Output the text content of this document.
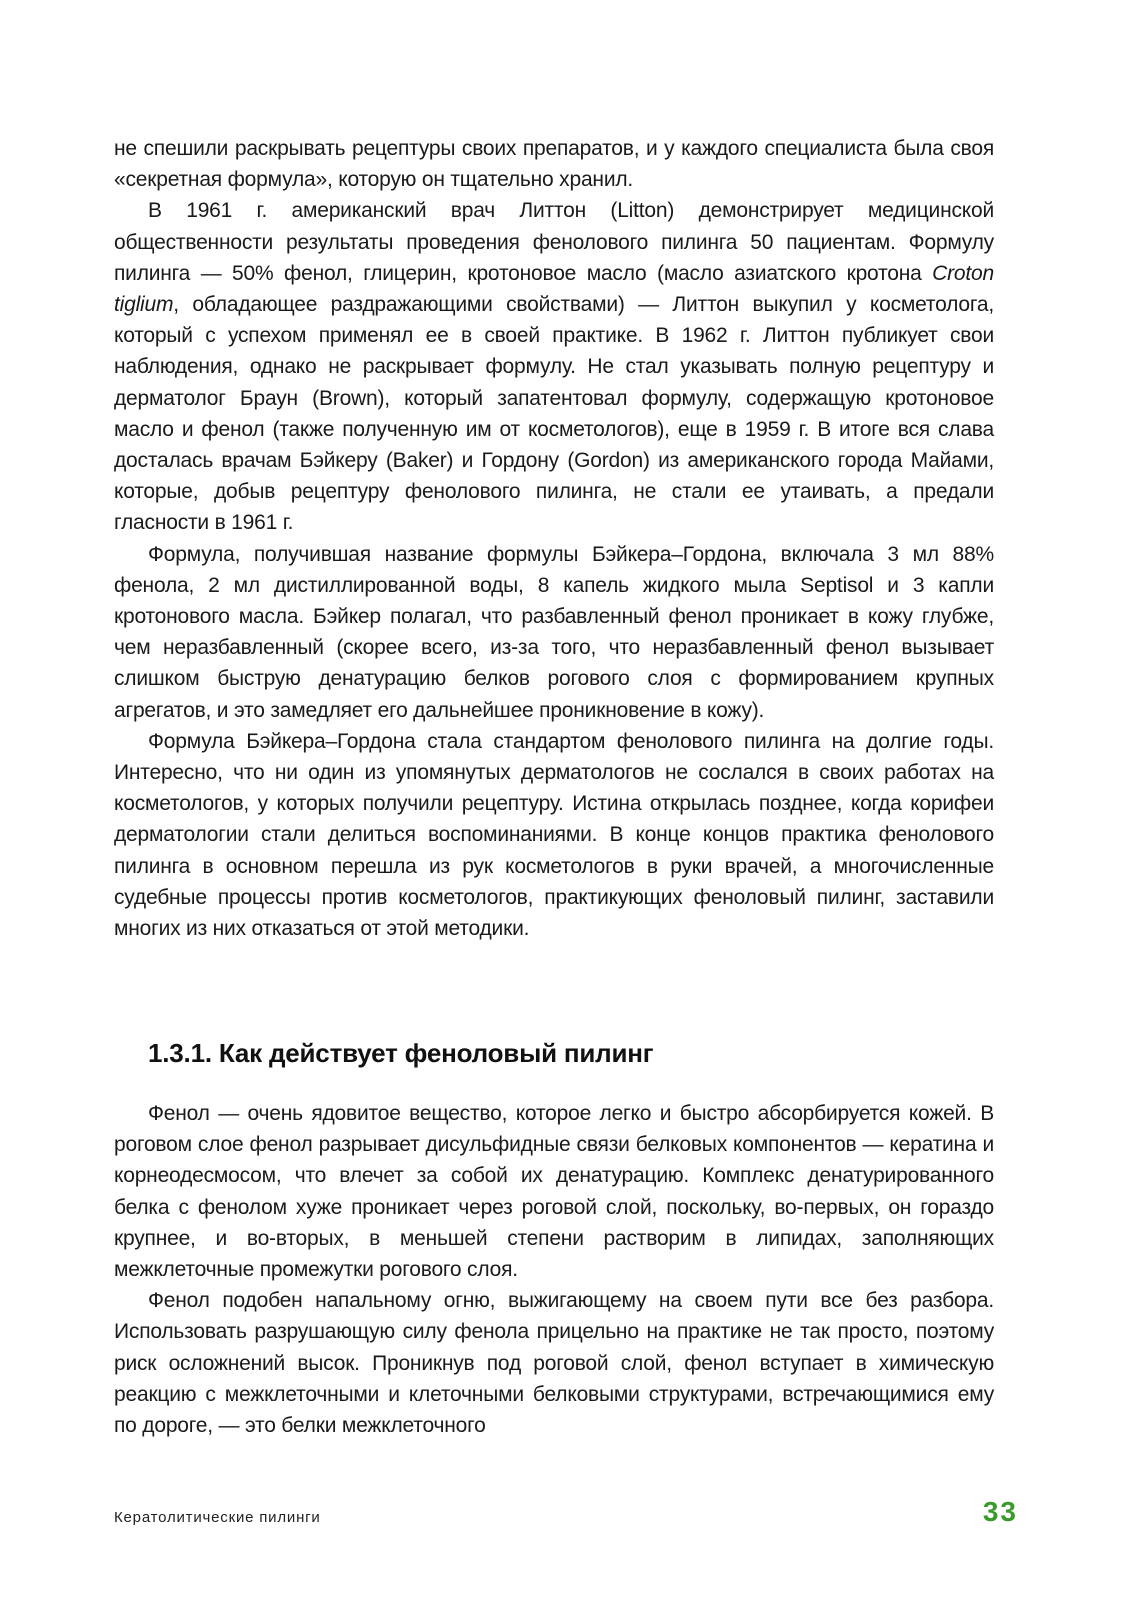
не спешили раскрывать рецептуры своих препаратов, и у каждого специалиста была своя «секретная формула», которую он тщательно хранил.

В 1961 г. американский врач Литтон (Litton) демонстрирует медицинской общественности результаты проведения фенолового пилинга 50 пациентам. Формулу пилинга — 50% фенол, глицерин, кротоновое масло (масло азиатского кротона Croton tiglium, обладающее раздражающими свойствами) — Литтон выкупил у косметолога, который с успехом применял ее в своей практике. В 1962 г. Литтон публикует свои наблюдения, однако не раскрывает формулу. Не стал указывать полную рецептуру и дерматолог Браун (Brown), который запатентовал формулу, содержащую кротоновое масло и фенол (также полученную им от косметологов), еще в 1959 г. В итоге вся слава досталась врачам Бэйкеру (Baker) и Гордону (Gordon) из американского города Майами, которые, добыв рецептуру фенолового пилинга, не стали ее утаивать, а предали гласности в 1961 г.

Формула, получившая название формулы Бэйкера–Гордона, включала 3 мл 88% фенола, 2 мл дистиллированной воды, 8 капель жидкого мыла Septisol и 3 капли кротонового масла. Бэйкер полагал, что разбавленный фенол проникает в кожу глубже, чем неразбавленный (скорее всего, из-за того, что неразбавленный фенол вызывает слишком быструю денатурацию белков рогового слоя с формированием крупных агрегатов, и это замедляет его дальнейшее проникновение в кожу).

Формула Бэйкера–Гордона стала стандартом фенолового пилинга на долгие годы. Интересно, что ни один из упомянутых дерматологов не сослался в своих работах на косметологов, у которых получили рецептуру. Истина открылась позднее, когда корифеи дерматологии стали делиться воспоминаниями. В конце концов практика фенолового пилинга в основном перешла из рук косметологов в руки врачей, а многочисленные судебные процессы против косметологов, практикующих феноловый пилинг, заставили многих из них отказаться от этой методики.

1.3.1. Как действует феноловый пилинг

Фенол — очень ядовитое вещество, которое легко и быстро абсорбируется кожей. В роговом слое фенол разрывает дисульфидные связи белковых компонентов — кератина и корнеодесмосом, что влечет за собой их денатурацию. Комплекс денатурированного белка с фенолом хуже проникает через роговой слой, поскольку, во-первых, он гораздо крупнее, и во-вторых, в меньшей степени растворим в липидах, заполняющих межклеточные промежутки рогового слоя.

Фенол подобен напальному огню, выжигающему на своем пути все без разбора. Использовать разрушающую силу фенола прицельно на практике не так просто, поэтому риск осложнений высок. Проникнув под роговой слой, фенол вступает в химическую реакцию с межклеточными и клеточными белковыми структурами, встречающимися ему по дороге, — это белки межклеточного

Кератолитические пилинги	33
